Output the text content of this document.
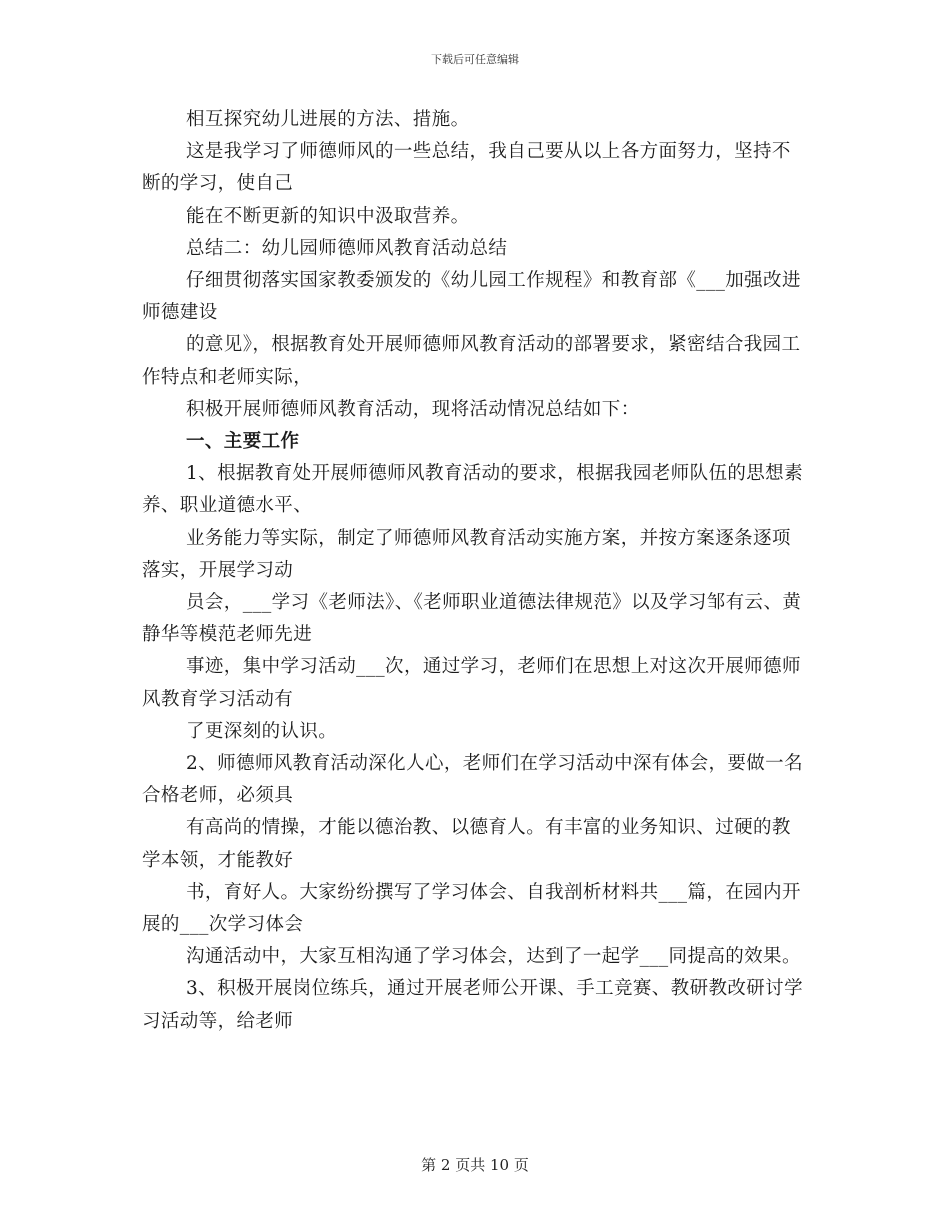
下载后可任意编辑

相互探究幼儿进展的方法、措施。

这是我学习了师德师风的一些总结，我自己要从以上各方面努力，坚持不断的学习，使自己

能在不断更新的知识中汲取营养。

总结二：幼儿园师德师风教育活动总结

仔细贯彻落实国家教委颁发的《幼儿园工作规程》和教育部《___加强改进师德建设

的意见》，根据教育处开展师德师风教育活动的部署要求，紧密结合我园工作特点和老师实际，

积极开展师德师风教育活动，现将活动情况总结如下：

一、主要工作

1、根据教育处开展师德师风教育活动的要求，根据我园老师队伍的思想素养、职业道德水平、

业务能力等实际，制定了师德师风教育活动实施方案，并按方案逐条逐项落实，开展学习动

员会，___学习《老师法》、《老师职业道德法律规范》以及学习邹有云、黄静华等模范老师先进

事迹，集中学习活动___次，通过学习，老师们在思想上对这次开展师德师风教育学习活动有

了更深刻的认识。

2、师德师风教育活动深化人心，老师们在学习活动中深有体会，要做一名合格老师，必须具

有高尚的情操，才能以德治教、以德育人。有丰富的业务知识、过硬的教学本领，才能教好

书，育好人。大家纷纷撰写了学习体会、自我剖析材料共___篇，在园内开展的___次学习体会

沟通活动中，大家互相沟通了学习体会，达到了一起学___同提高的效果。

3、积极开展岗位练兵，通过开展老师公开课、手工竞赛、教研教改研讨学习活动等，给老师

第 2 页共 10 页
